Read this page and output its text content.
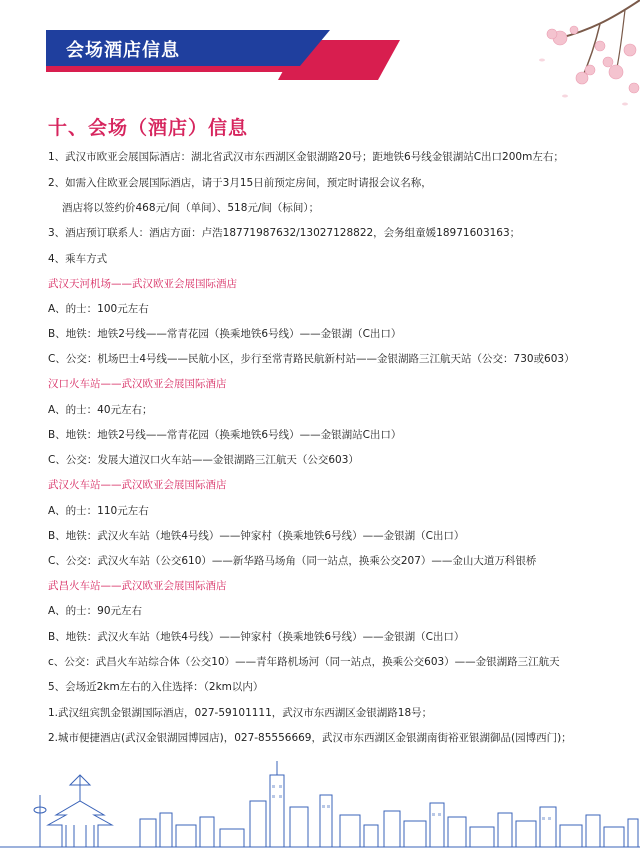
会场酒店信息
十、会场（酒店）信息
1、武汉市欧亚会展国际酒店：湖北省武汉市东西湖区金银湖路20号；距地铁6号线金银湖站C出口200m左右；
2、如需入住欧亚会展国际酒店，请于3月15日前预定房间，预定时请报会议名称，
酒店将以签约价468元/间（单间）、518元/间（标间）；
3、酒店预订联系人：酒店方面：卢浩18771987632/13027128822，会务组童媛18971603163；
4、乘车方式
武汉天河机场——武汉欧亚会展国际酒店
A、的士：100元左右
B、地铁：地铁2号线——常青花园（换乘地铁6号线）——金银湖（C出口）
C、公交：机场巴士4号线——民航小区，步行至常青路民航新村站——金银湖路三江航天站（公交：730或603）
汉口火车站——武汉欧亚会展国际酒店
A、的士：40元左右；
B、地铁：地铁2号线——常青花园（换乘地铁6号线）——金银湖站C出口）
C、公交：发展大道汉口火车站——金银湖路三江航天（公交603）
武汉火车站——武汉欧亚会展国际酒店
A、的士：110元左右
B、地铁：武汉火车站（地铁4号线）——钟家村（换乘地铁6号线）——金银湖（C出口）
C、公交：武汉火车站（公交610）——新华路马场角（同一站点，换乘公交207）——金山大道万科银桥
武昌火车站——武汉欧亚会展国际酒店
A、的士：90元左右
B、地铁：武汉火车站（地铁4号线）——钟家村（换乘地铁6号线）——金银湖（C出口）
c、公交：武昌火车站综合体（公交10）——青年路机场河（同一站点，换乘公交603）——金银湖路三江航天
5、会场近2km左右的入住选择：（2km以内）
1.武汉纽宾凯金银湖国际酒店，027-59101111，武汉市东西湖区金银湖路18号；
2.城市便捷酒店(武汉金银湖园博园店)，027-85556669，武汉市东西湖区金银湖南街裕亚银湖御品(园博西门)；
